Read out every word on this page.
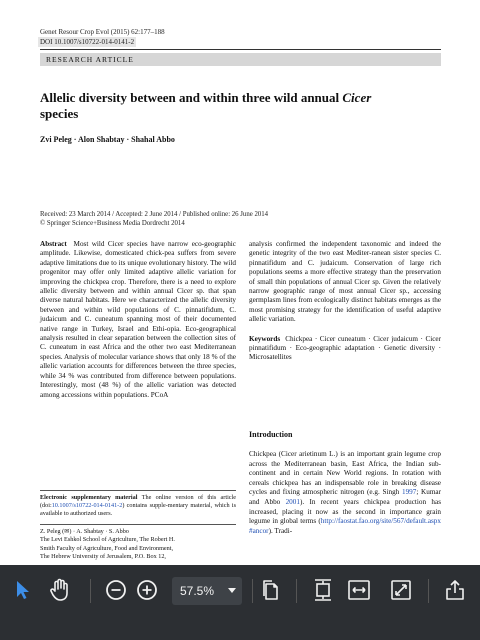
Genet Resour Crop Evol (2015) 62:177–188
DOI 10.1007/s10722-014-0141-2
RESEARCH ARTICLE
Allelic diversity between and within three wild annual Cicer
species
Zvi Peleg · Alon Shabtay · Shahal Abbo
Received: 23 March 2014 / Accepted: 2 June 2014 / Published online: 26 June 2014
© Springer Science+Business Media Dordrecht 2014

Abstract Most wild Cicer species have narrow eco-geographic amplitude. Likewise, domesticated chick-pea suffers from severe adaptive limitations due to its unique evolutionary history. The wild progenitor may offer only limited adaptive allelic variation for improving the chickpea crop. Therefore, there is a need to explore allelic diversity between and within annual Cicer sp. that span diverse natural habitats. Here we characterized the allelic diversity between and within wild populations of C. pinnatifidum, C. judaicum and C. cuneatum spanning most of their documented native range in Turkey, Israel and Ethi-opia. Eco-geographical analysis resulted in clear separation between the collection sites of C. cuneatum in east Africa and the other two east Mediterranean species. Analysis of molecular variance shows that only 18 % of the allelic variation accounts for differences between the three species, while 34 % was contributed from difference between populations. Interestingly, most (48 %) of the allelic variation was detected among accessions within populations. PCoA

analysis confirmed the independent taxonomic and indeed the genetic integrity of the two east Mediter-ranean sister species C. pinnatifidum and C. judaicum. Conservation of large rich populations seems a more effective strategy than the preservation of small thin populations of annual Cicer sp. Given the relatively narrow geographic range of most annual Cicer sp., accessing germplasm lines from ecologically distinct habitats emerges as the most promising strategy for the identification of useful adaptive allelic variation.

Keywords Chickpea · Cicer cuneatum · Cicer judaicum · Cicer pinnatifidum · Eco-geographic adaptation · Genetic diversity · Microsatellites

Introduction
Chickpea (Cicer arietinum L.) is an important grain legume crop across the Mediterranean basin, East Africa, the Indian sub-continent and in certain New World regions. In rotation with cereals chickpea has an indispensable role in breaking disease cycles and fixing atmospheric nitrogen (e.g. Singh 1997; Kumar and Abbo 2001). In recent years chickpea production has increased, placing it now as the second in importance grain legume in global terms (http://faostat.fao.org/site/567/default.aspx#ancor). Tradi-
Electronic supplementary material The online version of this article (doi:10.1007/s10722-014-0141-2) contains supple-mentary material, which is available to authorized users.
Z. Peleg (✉) · A. Shabtay · S. Abbo
The Levi Eshkol School of Agriculture, The Robert H.
Smith Faculty of Agriculture, Food and Environment,
The Hebrew University of Jerusalem, P.O. Box 12,
57.5%
